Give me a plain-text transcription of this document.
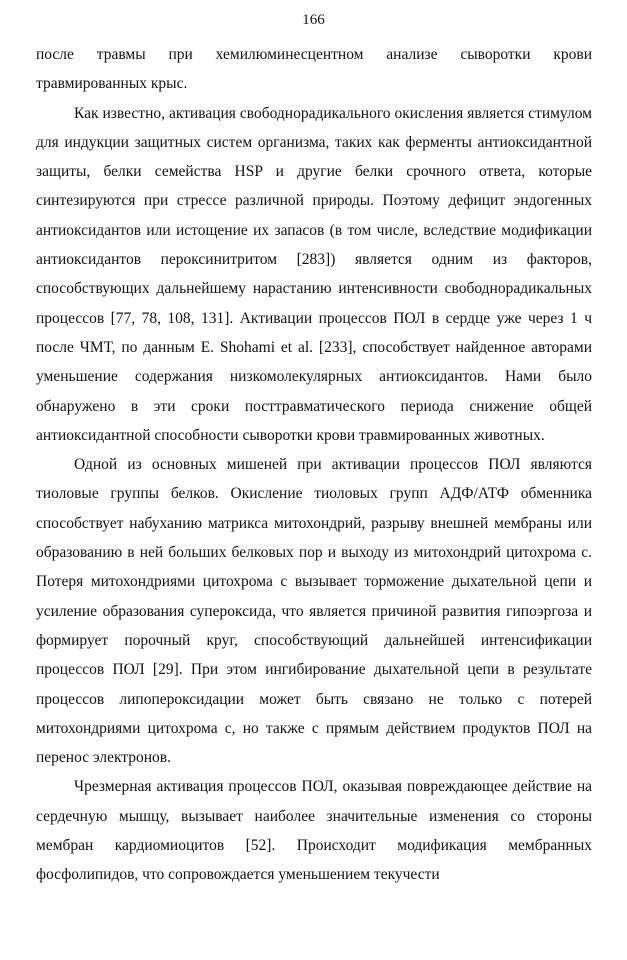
166

после травмы при хемилюминесцентном анализе сыворотки крови травмированных крыс.

Как известно, активация свободнорадикального окисления является стимулом для индукции защитных систем организма, таких как ферменты антиоксидантной защиты, белки семейства HSP и другие белки срочного ответа, которые синтезируются при стрессе различной природы. Поэтому дефицит эндогенных антиоксидантов или истощение их запасов (в том числе, вследствие модификации антиоксидантов пероксинитритом [283]) является одним из факторов, способствующих дальнейшему нарастанию интенсивности свободнорадикальных процессов [77, 78, 108, 131]. Активации процессов ПОЛ в сердце уже через 1 ч после ЧМТ, по данным E. Shohami et al. [233], способствует найденное авторами уменьшение содержания низкомолекулярных антиоксидантов. Нами было обнаружено в эти сроки посттравматического периода снижение общей антиоксидантной способности сыворотки крови травмированных животных.

Одной из основных мишеней при активации процессов ПОЛ являются тиоловые группы белков. Окисление тиоловых групп АДФ/АТФ обменника способствует набуханию матрикса митохондрий, разрыву внешней мембраны или образованию в ней больших белковых пор и выходу из митохондрий цитохрома с. Потеря митохондриями цитохрома с вызывает торможение дыхательной цепи и усиление образования супероксида, что является причиной развития гипоэргоза и формирует порочный круг, способствующий дальнейшей интенсификации процессов ПОЛ [29]. При этом ингибирование дыхательной цепи в результате процессов липопероксидации может быть связано не только с потерей митохондриями цитохрома с, но также с прямым действием продуктов ПОЛ на перенос электронов.

Чрезмерная активация процессов ПОЛ, оказывая повреждающее действие на сердечную мышцу, вызывает наиболее значительные изменения со стороны мембран кардиомиоцитов [52]. Происходит модификация мембранных фосфолипидов, что сопровождается уменьшением текучести
